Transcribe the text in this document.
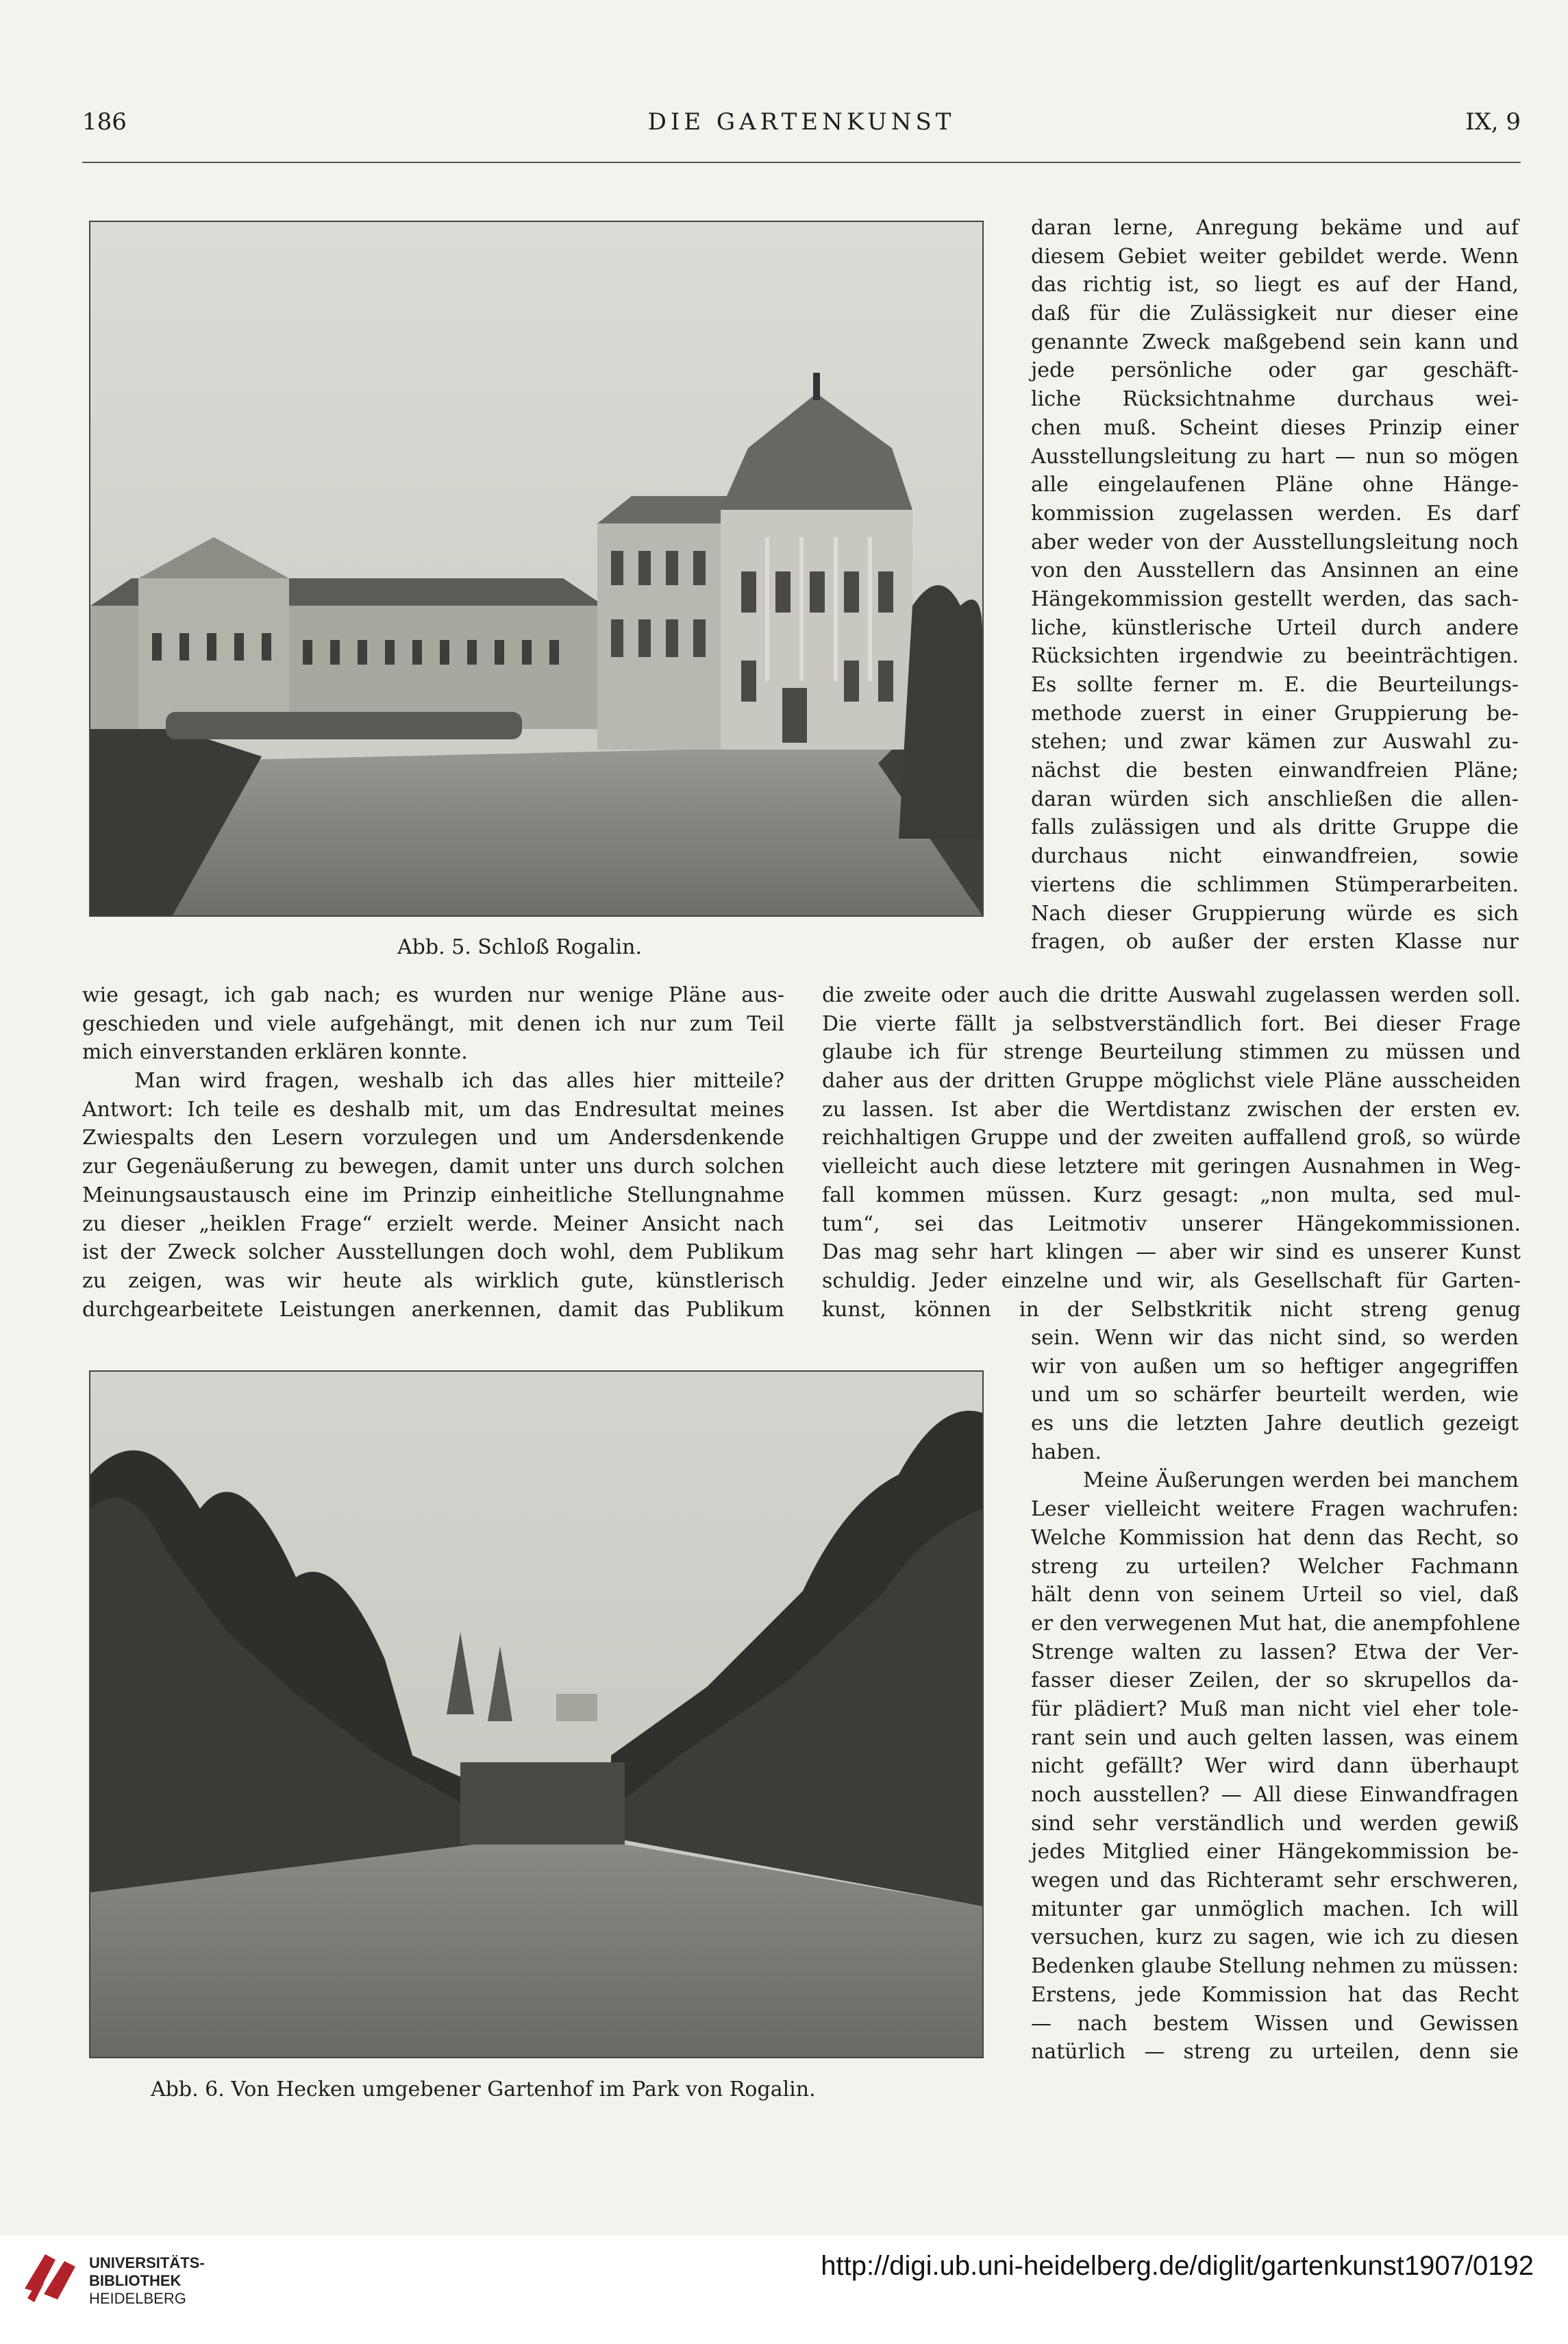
186	DIE GARTENKUNST	IX, 9
Abb. 5. Schloß Rogalin.
daran lerne, Anregung bekäme und auf
diesem Gebiet weiter gebildet werde. Wenn
das richtig ist, so liegt es auf der Hand,
daß für die Zulässigkeit nur dieser eine
genannte Zweck maßgebend sein kann und
jede persönliche oder gar geschäft-
liche Rücksichtnahme durchaus wei-
chen muß. Scheint dieses Prinzip einer
Ausstellungsleitung zu hart — nun so mögen
alle eingelaufenen Pläne ohne Hänge-
kommission zugelassen werden. Es darf
aber weder von der Ausstellungsleitung noch
von den Ausstellern das Ansinnen an eine
Hängekommission gestellt werden, das sach-
liche, künstlerische Urteil durch andere
Rücksichten irgendwie zu beeinträchtigen.
Es sollte ferner m. E. die Beurteilungs-
methode zuerst in einer Gruppierung be-
stehen; und zwar kämen zur Auswahl zu-
nächst die besten einwandfreien Pläne;
daran würden sich anschließen die allen-
falls zulässigen und als dritte Gruppe die
durchaus nicht einwandfreien, sowie
viertens die schlimmen Stümperarbeiten.
Nach dieser Gruppierung würde es sich
fragen, ob außer der ersten Klasse nur
wie gesagt, ich gab nach; es wurden nur wenige Pläne aus-
geschieden und viele aufgehängt, mit denen ich nur zum Teil
mich einverstanden erklären konnte.
Man wird fragen, weshalb ich das alles hier mitteile?
Antwort: Ich teile es deshalb mit, um das Endresultat meines
Zwiespalts den Lesern vorzulegen und um Andersdenkende
zur Gegenäußerung zu bewegen, damit unter uns durch solchen
Meinungsaustausch eine im Prinzip einheitliche Stellungnahme
zu dieser „heiklen Frage“ erzielt werde. Meiner Ansicht nach
ist der Zweck solcher Ausstellungen doch wohl, dem Publikum
zu zeigen, was wir heute als wirklich gute, künstlerisch
durchgearbeitete Leistungen anerkennen, damit das Publikum
die zweite oder auch die dritte Auswahl zugelassen werden soll.
Die vierte fällt ja selbstverständlich fort. Bei dieser Frage
glaube ich für strenge Beurteilung stimmen zu müssen und
daher aus der dritten Gruppe möglichst viele Pläne ausscheiden
zu lassen. Ist aber die Wertdistanz zwischen der ersten ev.
reichhaltigen Gruppe und der zweiten auffallend groß, so würde
vielleicht auch diese letztere mit geringen Ausnahmen in Weg-
fall kommen müssen. Kurz gesagt: „non multa, sed mul-
tum“, sei das Leitmotiv unserer Hängekommissionen.
Das mag sehr hart klingen — aber wir sind es unserer Kunst
schuldig. Jeder einzelne und wir, als Gesellschaft für Garten-
kunst, können in der Selbstkritik nicht streng genug
Abb. 6. Von Hecken umgebener Gartenhof im Park von Rogalin.
sein. Wenn wir das nicht sind, so werden
wir von außen um so heftiger angegriffen
und um so schärfer beurteilt werden, wie
es uns die letzten Jahre deutlich gezeigt
haben.
Meine Äußerungen werden bei manchem
Leser vielleicht weitere Fragen wachrufen:
Welche Kommission hat denn das Recht, so
streng zu urteilen? Welcher Fachmann
hält denn von seinem Urteil so viel, daß
er den verwegenen Mut hat, die anempfohlene
Strenge walten zu lassen? Etwa der Ver-
fasser dieser Zeilen, der so skrupellos da-
für plädiert? Muß man nicht viel eher tole-
rant sein und auch gelten lassen, was einem
nicht gefällt? Wer wird dann überhaupt
noch ausstellen? — All diese Einwandfragen
sind sehr verständlich und werden gewiß
jedes Mitglied einer Hängekommission be-
wegen und das Richteramt sehr erschweren,
mitunter gar unmöglich machen. Ich will
versuchen, kurz zu sagen, wie ich zu diesen
Bedenken glaube Stellung nehmen zu müssen:
Erstens, jede Kommission hat das Recht
— nach bestem Wissen und Gewissen
natürlich — streng zu urteilen, denn sie
UNIVERSITÄTS-
BIBLIOTHEK
HEIDELBERG
http://digi.ub.uni-heidelberg.de/diglit/gartenkunst1907/0192
